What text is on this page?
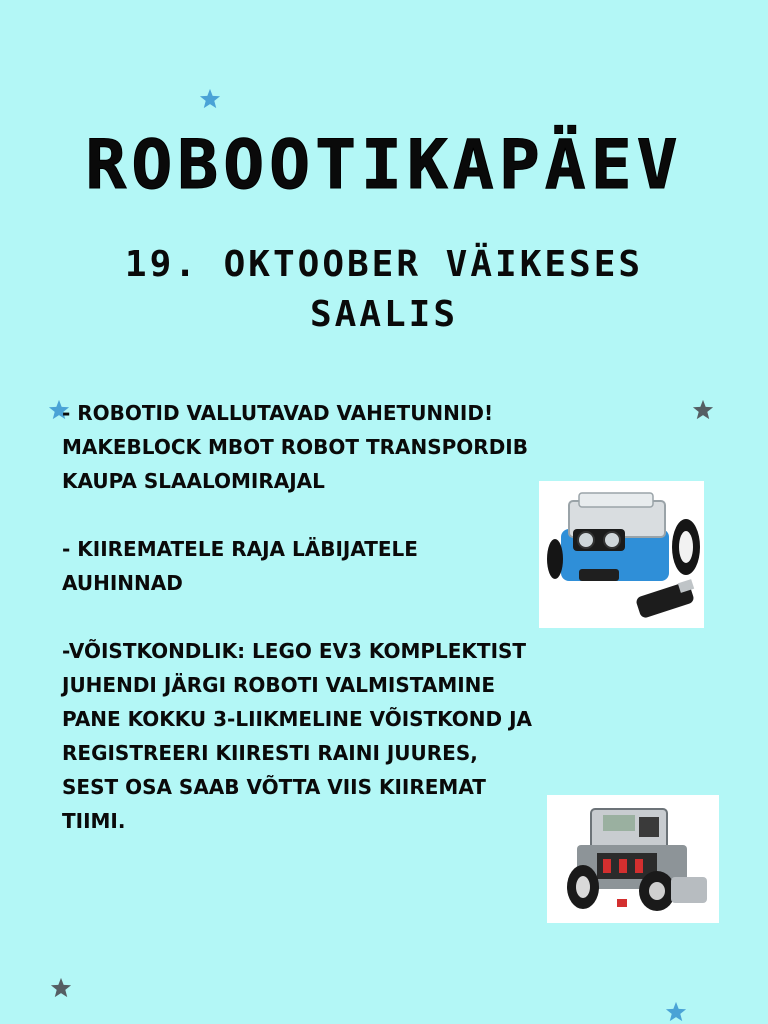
ROBOOTIKAPÄEV
19. OKTOOBER VÄIKESES SAALIS

- ROBOTID VALLUTAVAD VAHETUNNID!

MAKEBLOCK MBOT ROBOT TRANSPORDIB

KAUPA SLAALOMIRAJAL

- KIIREMATELE RAJA LÄBIJATELE

AUHINNAD

-VÕISTKONDLIK: LEGO EV3 KOMPLEKTIST

JUHENDI JÄRGI ROBOTI VALMISTAMINE

PANE KOKKU 3-LIIKMELINE VÕISTKOND JA

REGISTREERI KIIRESTI RAINI JUURES,

SEST OSA SAAB VÕTTA VIIS KIIREMAT

TIIMI.
